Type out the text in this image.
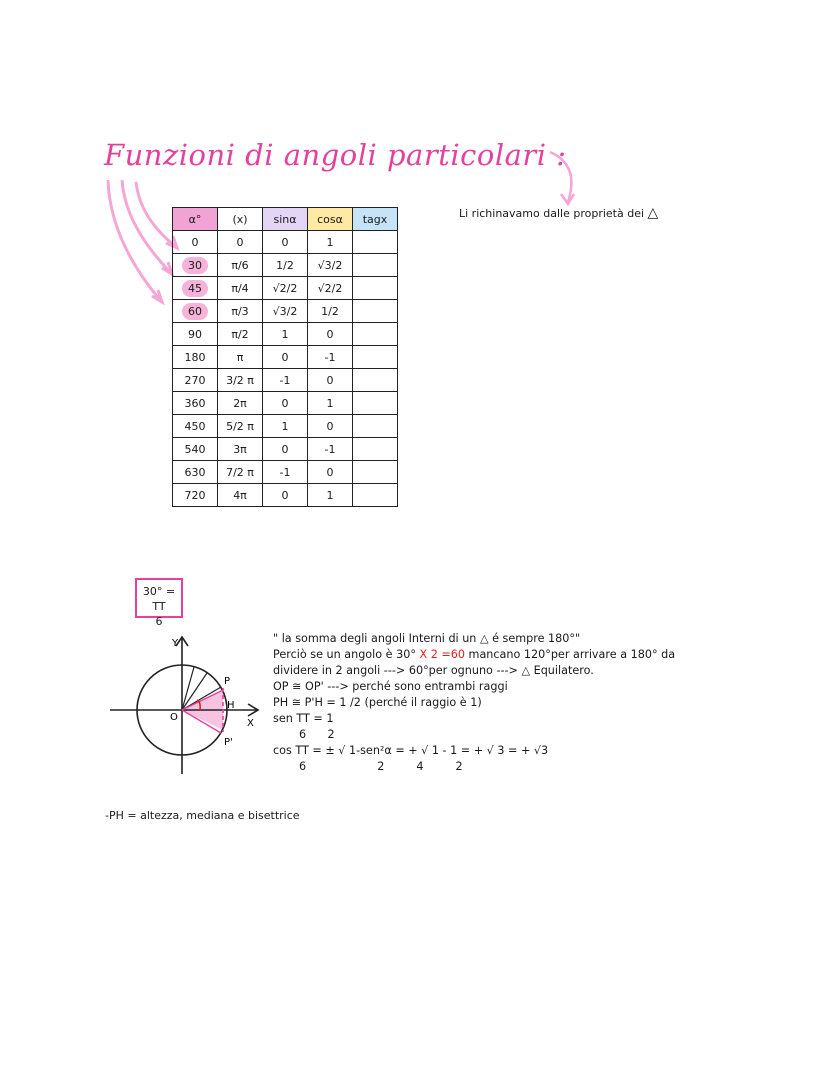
Funzioni di angoli particolari :
Li richinavamo dalle proprietà dei △
α°	(x)	sinα	cosα	tagx
0	0	0	1	
30	π/6	1/2	√3/2	
45	π/4	√2/2	√2/2	
60	π/3	√3/2	1/2	
90	π/2	1	0	
180	π	0	-1	
270	3/2 π	-1	0	
360	2π	0	1	
450	5/2 π	1	0	
540	3π	0	-1	
630	7/2 π	-1	0	
720	4π	0	1	
30° = TT
6
Y
X
O
P
H
P'
" la somma degli angoli Interni di un △ é sempre 180°"
Perciò se un angolo è 30° X 2 =60 mancano 120°per arrivare a 180° da
dividere in 2 angoli ---> 60°per ognuno ---> △ Equilatero.
OP ≅ OP' ---> perché sono entrambi raggi
PH ≅ P'H = 1 /2 (perché il raggio è 1)
sen TT = 1
6      2
cos TT = ± √ 1-sen²α = + √ 1 - 1 = + √ 3 = + √3
6                    2         4         2
-PH = altezza, mediana e bisettrice
